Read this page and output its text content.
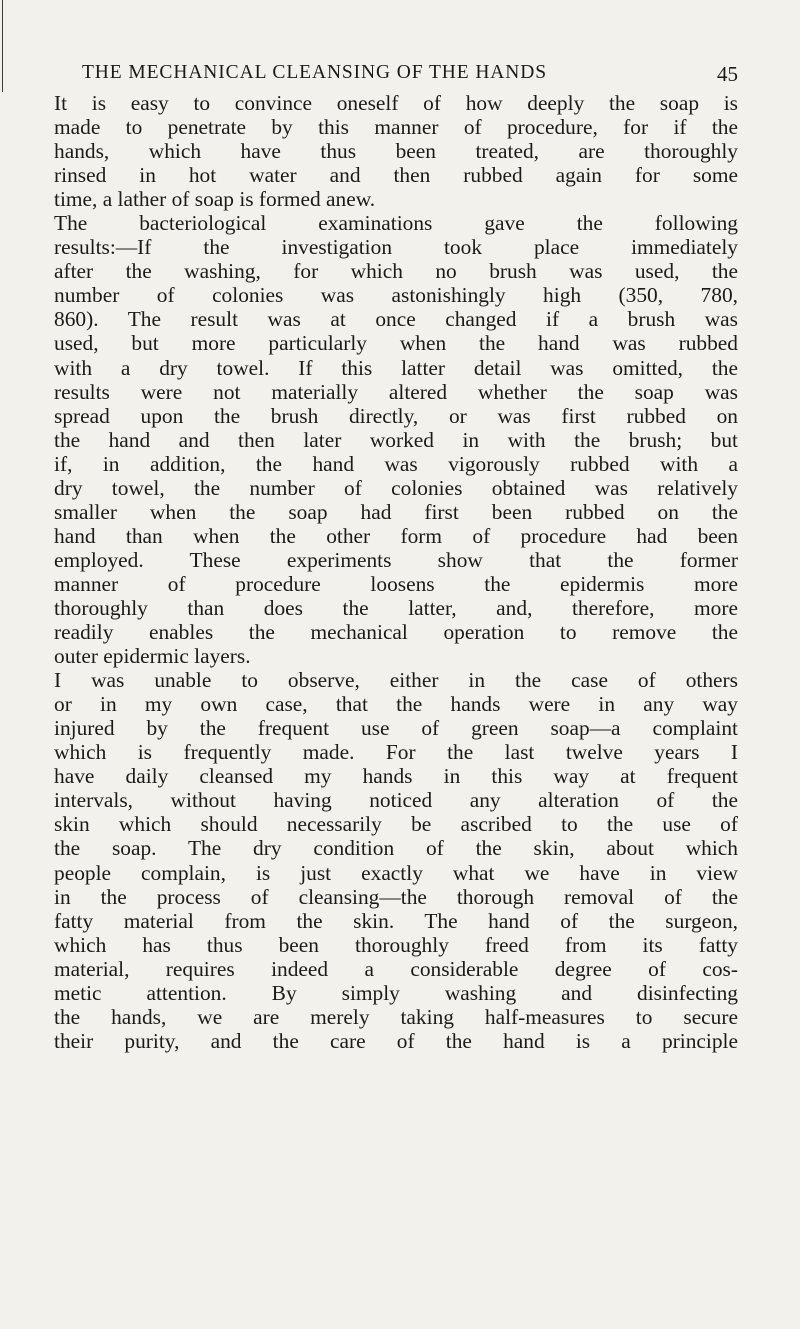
THE MECHANICAL CLEANSING OF THE HANDS	45
It is easy to convince oneself of how deeply the soap is
made to penetrate by this manner of procedure, for if the
hands, which have thus been treated, are thoroughly
rinsed in hot water and then rubbed again for some
time, a lather of soap is formed anew.
The bacteriological examinations gave the following
results:—If the investigation took place immediately
after the washing, for which no brush was used, the
number of colonies was astonishingly high (350, 780,
860). The result was at once changed if a brush was
used, but more particularly when the hand was rubbed
with a dry towel. If this latter detail was omitted, the
results were not materially altered whether the soap was
spread upon the brush directly, or was first rubbed on
the hand and then later worked in with the brush; but
if, in addition, the hand was vigorously rubbed with a
dry towel, the number of colonies obtained was relatively
smaller when the soap had first been rubbed on the
hand than when the other form of procedure had been
employed. These experiments show that the former
manner of procedure loosens the epidermis more
thoroughly than does the latter, and, therefore, more
readily enables the mechanical operation to remove the
outer epidermic layers.
I was unable to observe, either in the case of others
or in my own case, that the hands were in any way
injured by the frequent use of green soap—a complaint
which is frequently made. For the last twelve years I
have daily cleansed my hands in this way at frequent
intervals, without having noticed any alteration of the
skin which should necessarily be ascribed to the use of
the soap. The dry condition of the skin, about which
people complain, is just exactly what we have in view
in the process of cleansing—the thorough removal of the
fatty material from the skin. The hand of the surgeon,
which has thus been thoroughly freed from its fatty
material, requires indeed a considerable degree of cos-
metic attention. By simply washing and disinfecting
the hands, we are merely taking half-measures to secure
their purity, and the care of the hand is a principle
